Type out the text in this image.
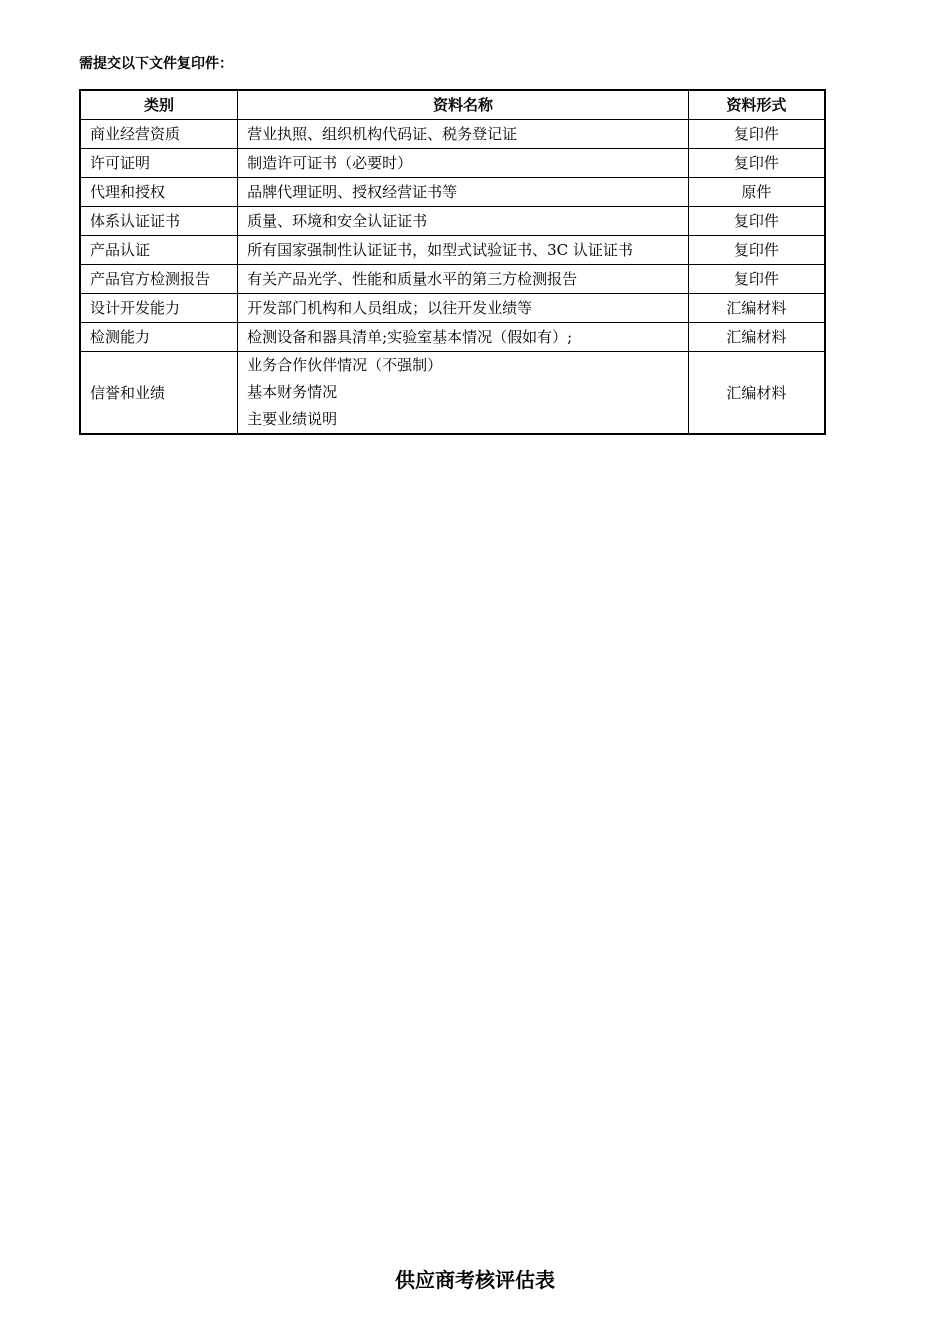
需提交以下文件复印件：
类别	资料名称	资料形式
商业经营资质	营业执照、组织机构代码证、税务登记证	复印件
许可证明	制造许可证书（必要时）	复印件
代理和授权	品牌代理证明、授权经营证书等	原件
体系认证证书	质量、环境和安全认证证书	复印件
产品认证	所有国家强制性认证证书，如型式试验证书、3C 认证证书	复印件
产品官方检测报告	有关产品光学、性能和质量水平的第三方检测报告	复印件
设计开发能力	开发部门机构和人员组成；以往开发业绩等	汇编材料
检测能力	检测设备和器具清单;实验室基本情况（假如有）;	汇编材料
信誉和业绩	业务合作伙伴情况（不强制）
基本财务情况
主要业绩说明	汇编材料
供应商考核评估表
